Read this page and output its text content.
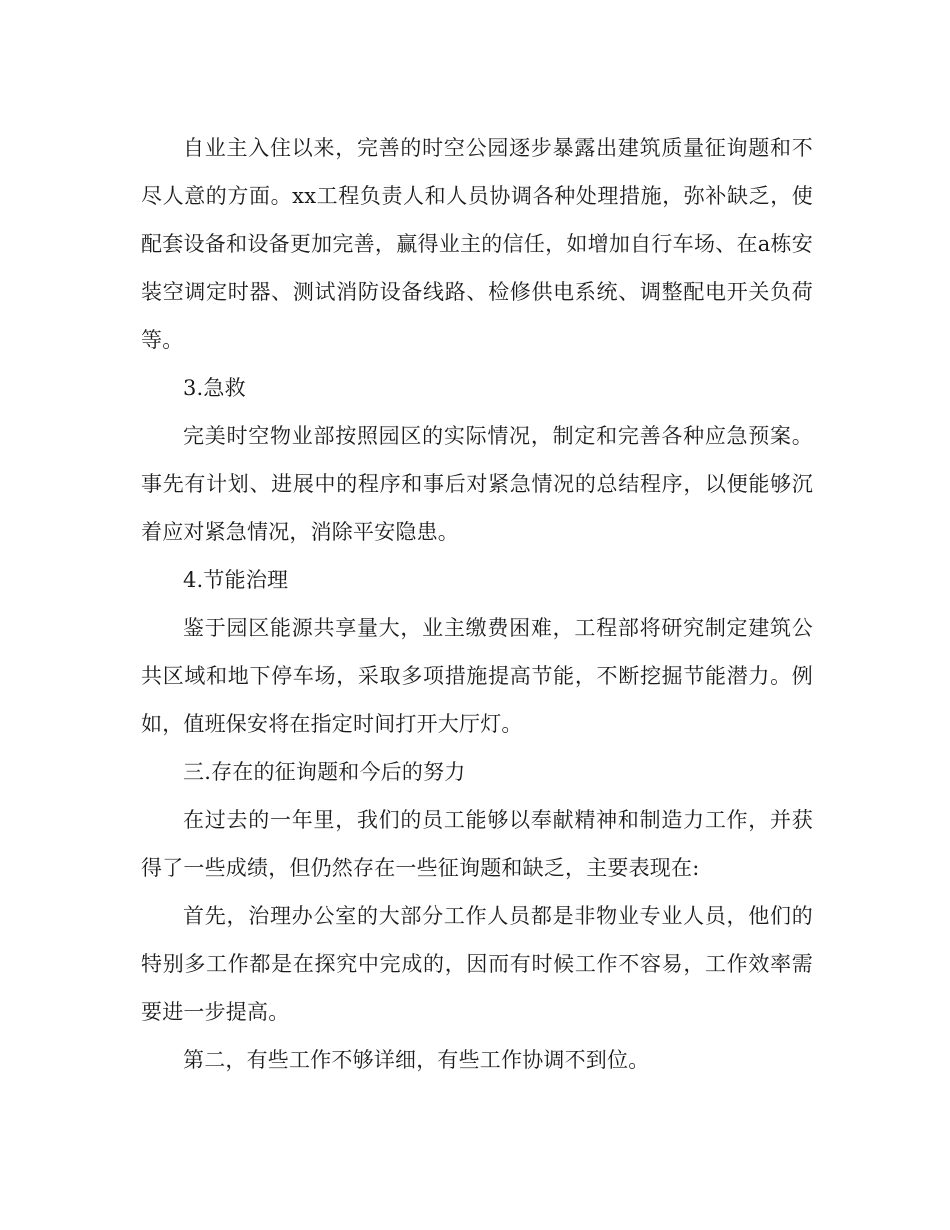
自业主入住以来，完善的时空公园逐步暴露出建筑质量征询题和不尽人意的方面。xx工程负责人和人员协调各种处理措施，弥补缺乏，使配套设备和设备更加完善，赢得业主的信任，如增加自行车场、在a栋安装空调定时器、测试消防设备线路、检修供电系统、调整配电开关负荷等。

3.急救

完美时空物业部按照园区的实际情况，制定和完善各种应急预案。事先有计划、进展中的程序和事后对紧急情况的总结程序，以便能够沉着应对紧急情况，消除平安隐患。

4.节能治理

鉴于园区能源共享量大，业主缴费困难，工程部将研究制定建筑公共区域和地下停车场，采取多项措施提高节能，不断挖掘节能潜力。例如，值班保安将在指定时间打开大厅灯。

三.存在的征询题和今后的努力

在过去的一年里，我们的员工能够以奉献精神和制造力工作，并获得了一些成绩，但仍然存在一些征询题和缺乏，主要表现在:

首先，治理办公室的大部分工作人员都是非物业专业人员，他们的特别多工作都是在探究中完成的，因而有时候工作不容易，工作效率需要进一步提高。

第二，有些工作不够详细，有些工作协调不到位。
